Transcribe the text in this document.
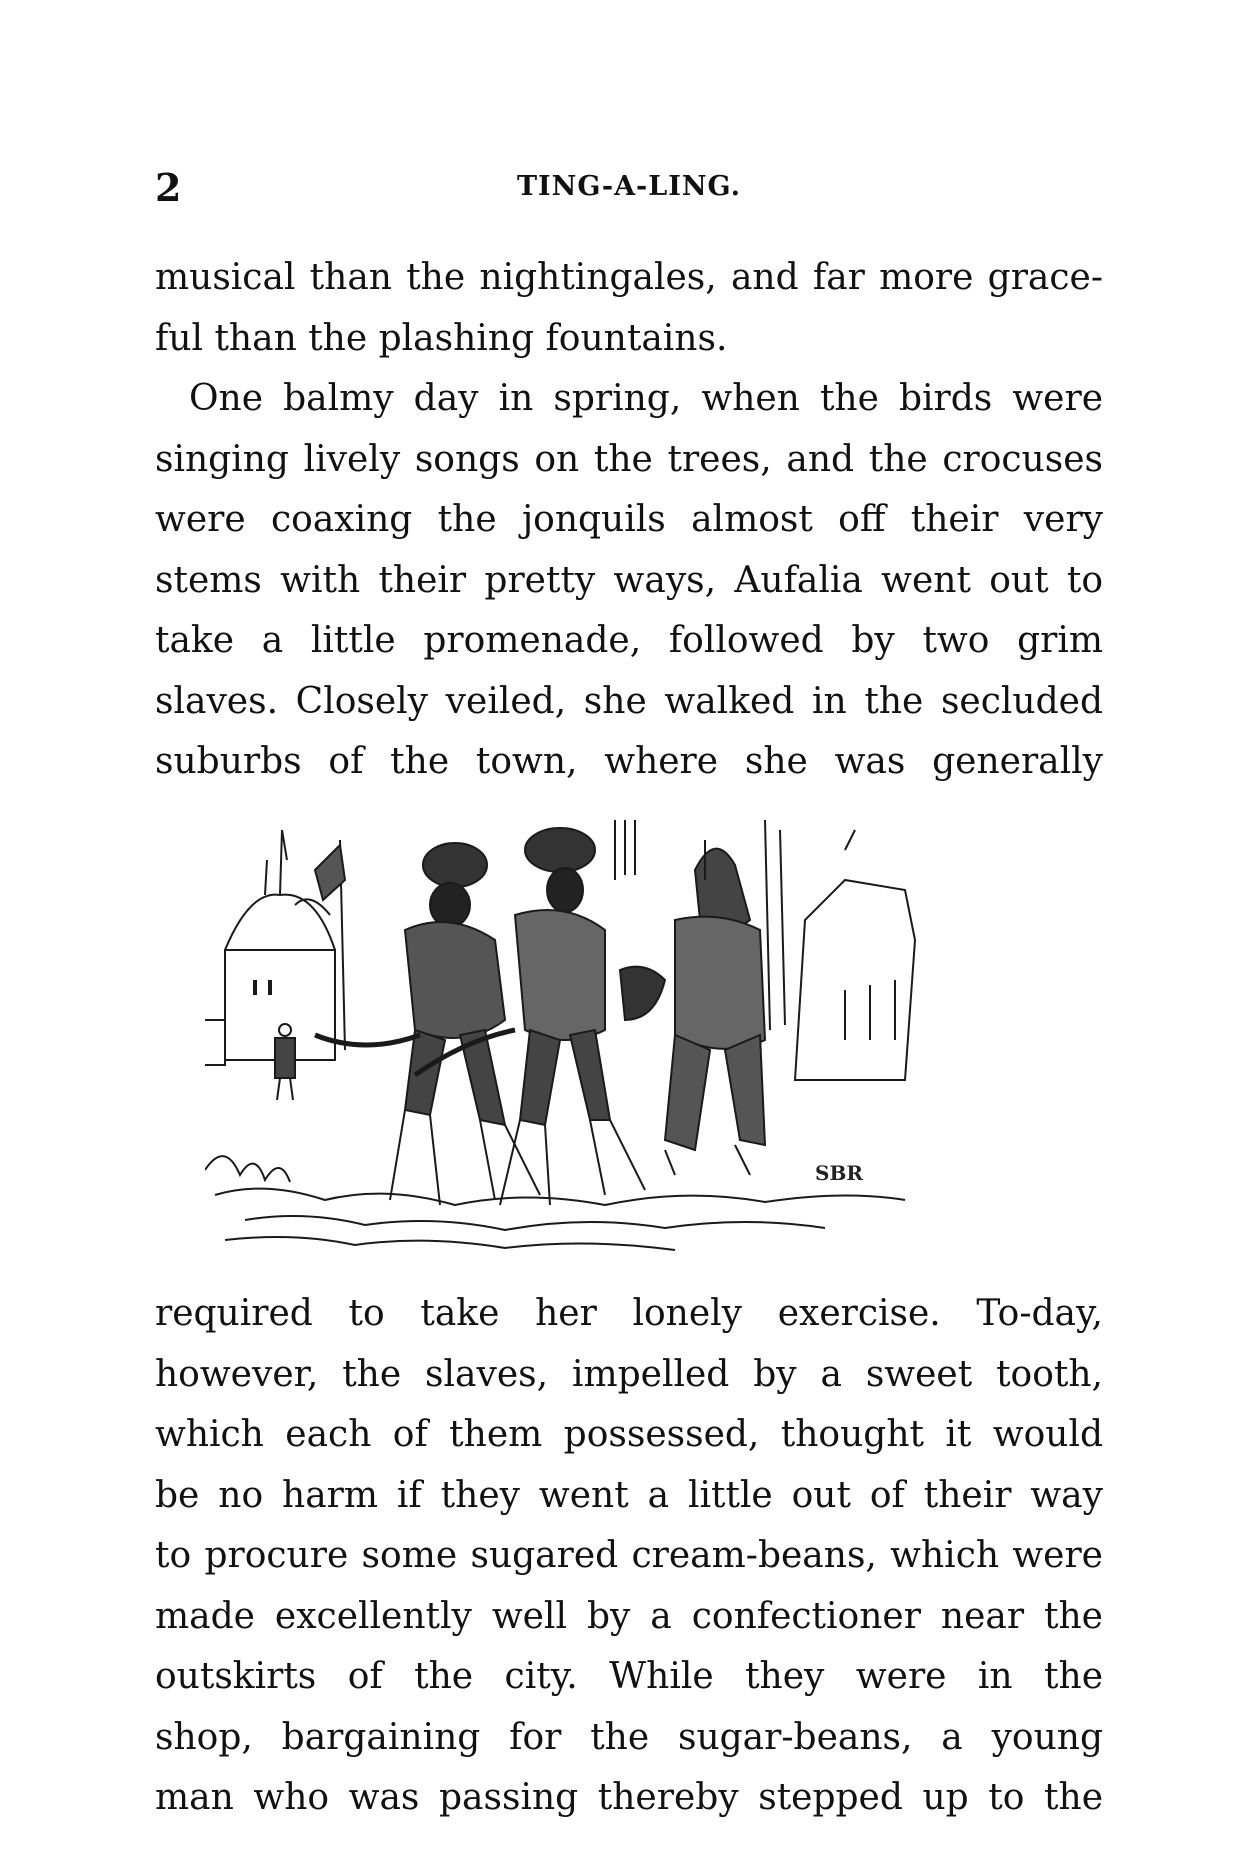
2	TING-A-LING.
musical than the nightingales, and far more grace-
ful than the plashing fountains.
One balmy day in spring, when the birds were
singing lively songs on the trees, and the crocuses
were coaxing the jonquils almost off their very
stems with their pretty ways, Aufalia went out to
take a little promenade, followed by two grim
slaves. Closely veiled, she walked in the secluded
suburbs of the town, where she was generally
SBR
required to take her lonely exercise. To-day,
however, the slaves, impelled by a sweet tooth,
which each of them possessed, thought it would
be no harm if they went a little out of their way
to procure some sugared cream-beans, which were
made excellently well by a confectioner near the
outskirts of the city. While they were in the
shop, bargaining for the sugar-beans, a young
man who was passing thereby stepped up to the
